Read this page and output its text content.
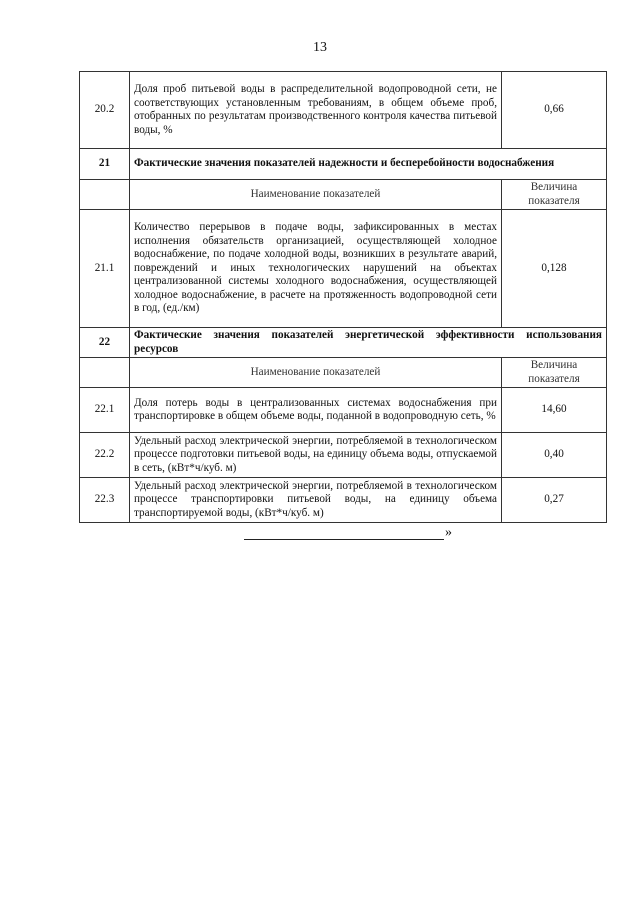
13
20.2	Доля проб питьевой воды в распределительной водопроводной сети, не соответствующих установленным требованиям, в общем объеме проб, отобранных по результатам производственного контроля качества питьевой воды, %	0,66
21	Фактические значения показателей надежности и бесперебойности водоснабжения	
	Наименование показателей	Величина показателя
21.1	Количество перерывов в подаче воды, зафиксированных в местах исполнения обязательств организацией, осуществляющей холодное водоснабжение, по подаче холодной воды, возникших в результате аварий, повреждений и иных технологических нарушений на объектах централизованной системы холодного водоснабжения, осуществляющей холодное водоснабжение, в расчете на протяженность водопроводной сети в год, (ед./км)	0,128
22	Фактические значения показателей энергетической эффективности использования ресурсов	
	Наименование показателей	Величина показателя
22.1	Доля потерь воды в централизованных системах водоснабжения при транспортировке в общем объеме воды, поданной в водопроводную сеть, %	14,60
22.2	Удельный расход электрической энергии, потребляемой в технологическом процессе подготовки питьевой воды, на единицу объема воды, отпускаемой в сеть, (кВт*ч/куб. м)	0,40
22.3	Удельный расход электрической энергии, потребляемой в технологическом процессе транспортировки питьевой воды, на единицу объема транспортируемой воды, (кВт*ч/куб. м)	0,27
»
